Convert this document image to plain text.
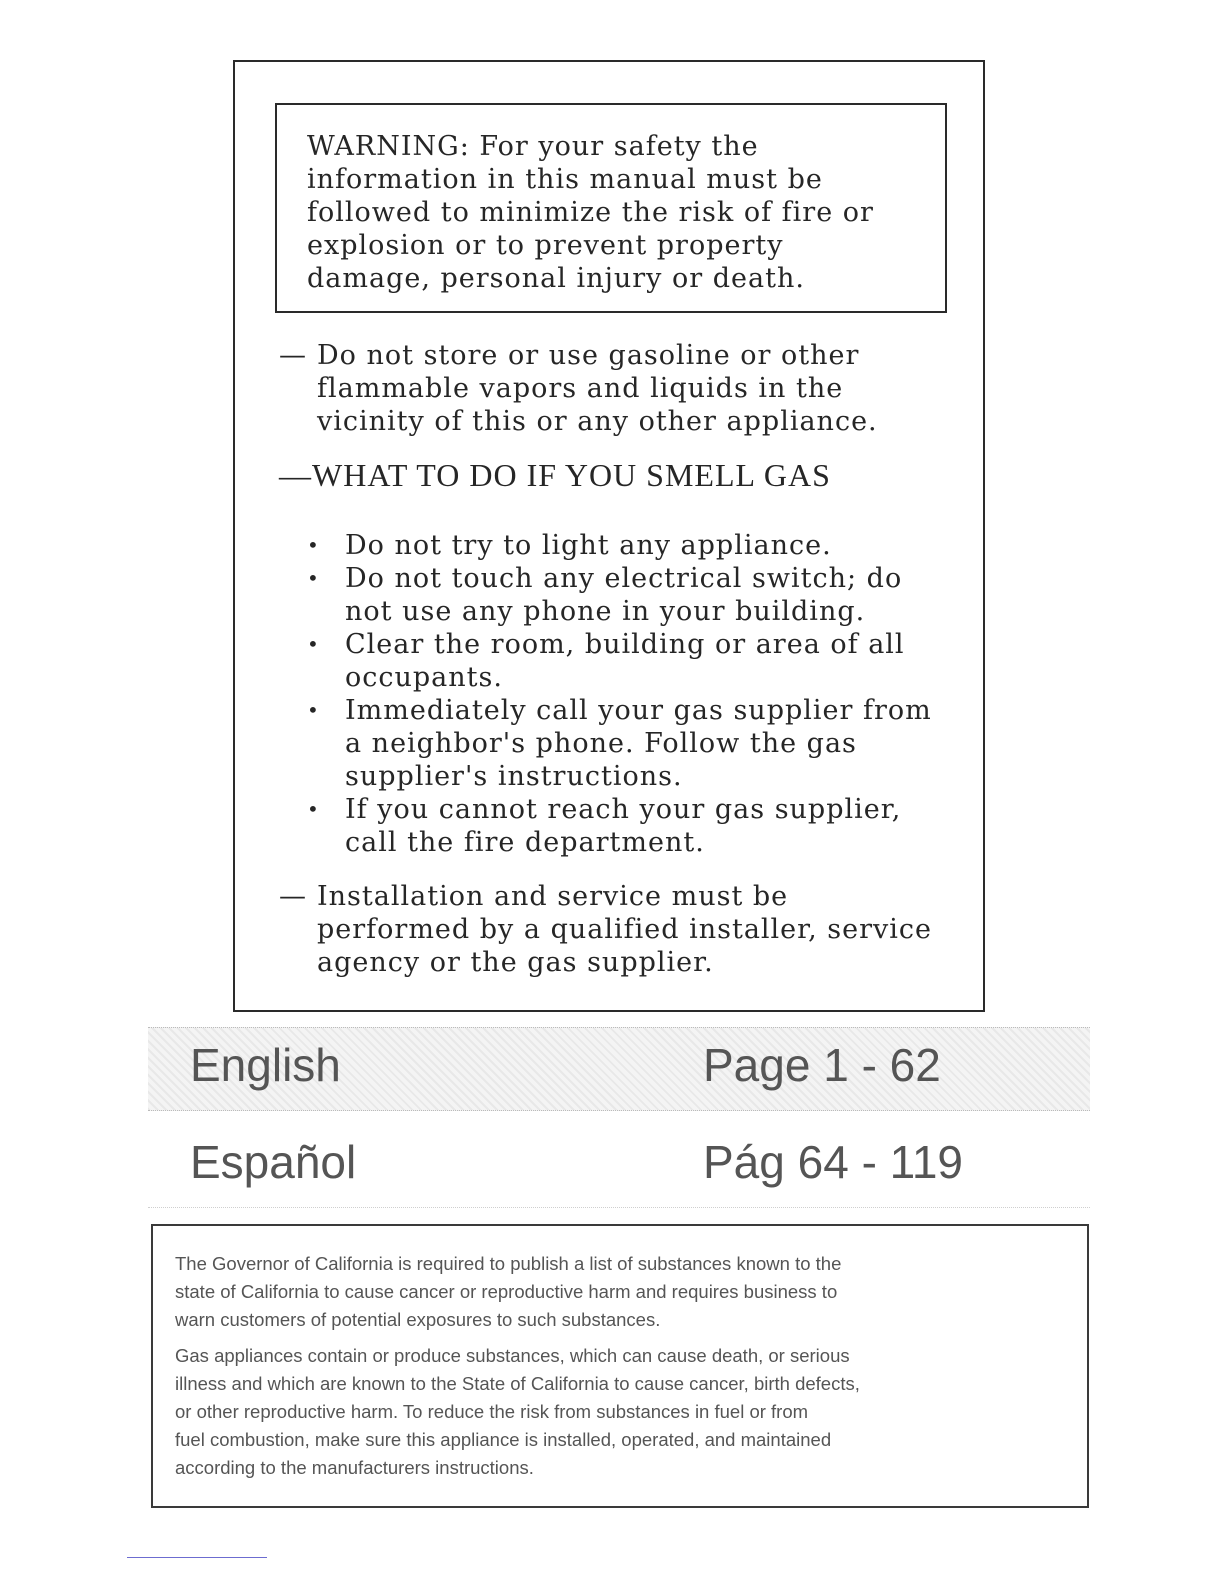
WARNING: For your safety the

information in this manual must be

followed to minimize the risk of fire or

explosion or to prevent property

damage, personal injury or death.

— Do not store or use gasoline or other
flammable vapors and liquids in the
vicinity of this or any other appliance.
—WHAT TO DO IF YOU SMELL GAS
• Do not try to light any appliance.
• Do not touch any electrical switch; do
not use any phone in your building.
• Clear the room, building or area of all
occupants.
• Immediately call your gas supplier from
a neighbor's phone. Follow the gas
supplier's instructions.
• If you cannot reach your gas supplier,
call the fire department.
— Installation and service must be
performed by a qualified installer, service
agency or the gas supplier.
English	Page 1 - 62
Español	Pág 64 - 119

The Governor of California is required to publish a list of substances known to the
state of California to cause cancer or reproductive harm and requires business to
warn customers of potential exposures to such substances.

Gas appliances contain or produce substances, which can cause death, or serious
illness and which are known to the State of California to cause cancer, birth defects,
or other reproductive harm. To reduce the risk from substances in fuel or from
fuel combustion, make sure this appliance is installed, operated, and maintained
according to the manufacturers instructions.
